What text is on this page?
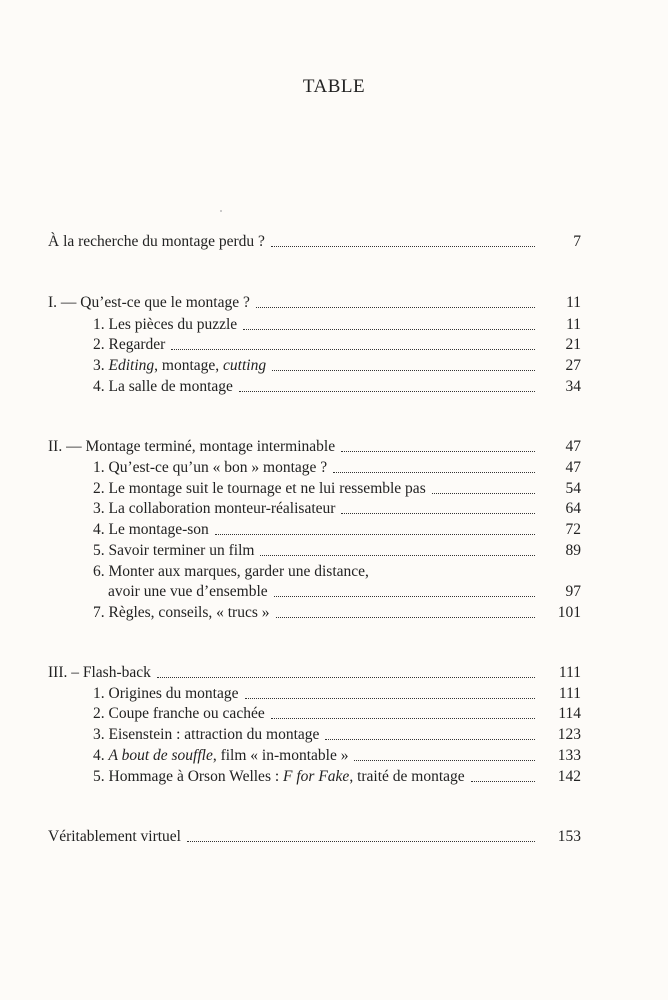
TABLE
À la recherche du montage perdu ?	7
I. — Qu’est-ce que le montage ?	11
1. Les pièces du puzzle	11
2. Regarder	21
3. Editing, montage, cutting	27
4. La salle de montage	34
II. — Montage terminé, montage interminable	47
1. Qu’est-ce qu’un « bon » montage ?	47
2. Le montage suit le tournage et ne lui ressemble pas	54
3. La collaboration monteur-réalisateur	64
4. Le montage-son	72
5. Savoir terminer un film	89
6. Monter aux marques, garder une distance,
avoir une vue d’ensemble	97
7. Règles, conseils, « trucs »	101
III. – Flash-back	111
1. Origines du montage	111
2. Coupe franche ou cachée	114
3. Eisenstein : attraction du montage	123
4. A bout de souffle, film « in-montable »	133
5. Hommage à Orson Welles : F for Fake, traité de montage	142
Véritablement virtuel	153
